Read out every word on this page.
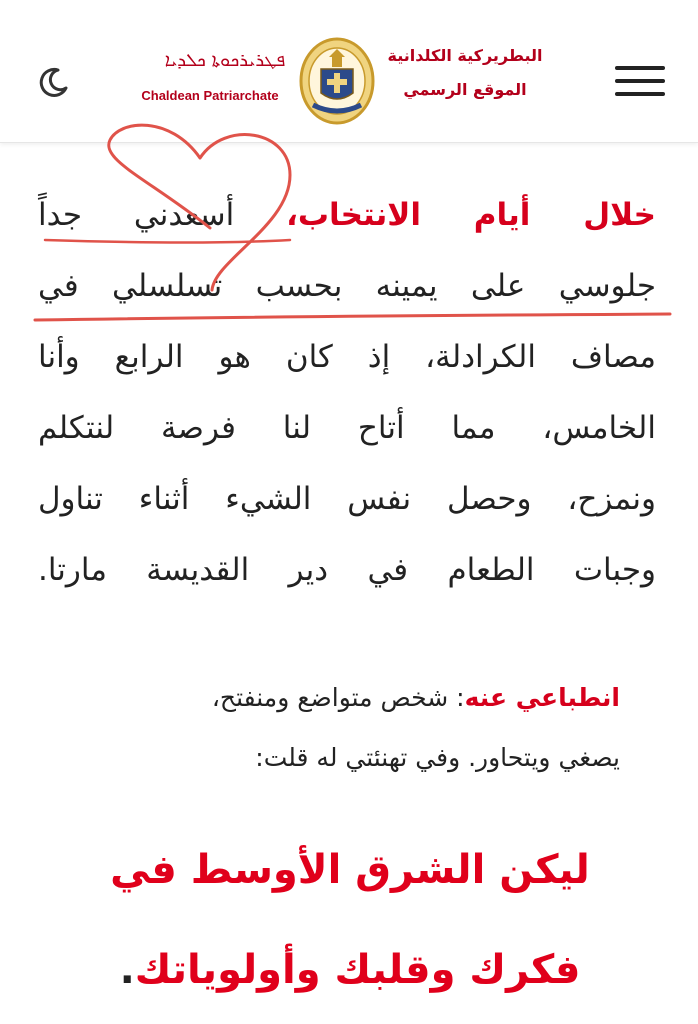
ܦܛܪܝܪܟܘܬܐ ܟܠܕܝܐ
Chaldean Patriarchate
البطريركية الكلدانية
الموقع الرسمي

خلال أيام الانتخاب، أسعدني جداً
جلوسي على يمينه بحسب تسلسلي في
مصاف الكرادلة، إذ كان هو الرابع وأنا
الخامس، مما أتاح لنا فرصة لنتكلم
ونمزح، وحصل نفس الشيء أثناء تناول
وجبات الطعام في دير القديسة مارتا.

انطباعي عنه: شخص متواضع ومنفتح،
يصغي ويتحاور. وفي تهنئتي له قلت:
ليكن الشرق الأوسط في
فكرك وقلبك وأولوياتك.
